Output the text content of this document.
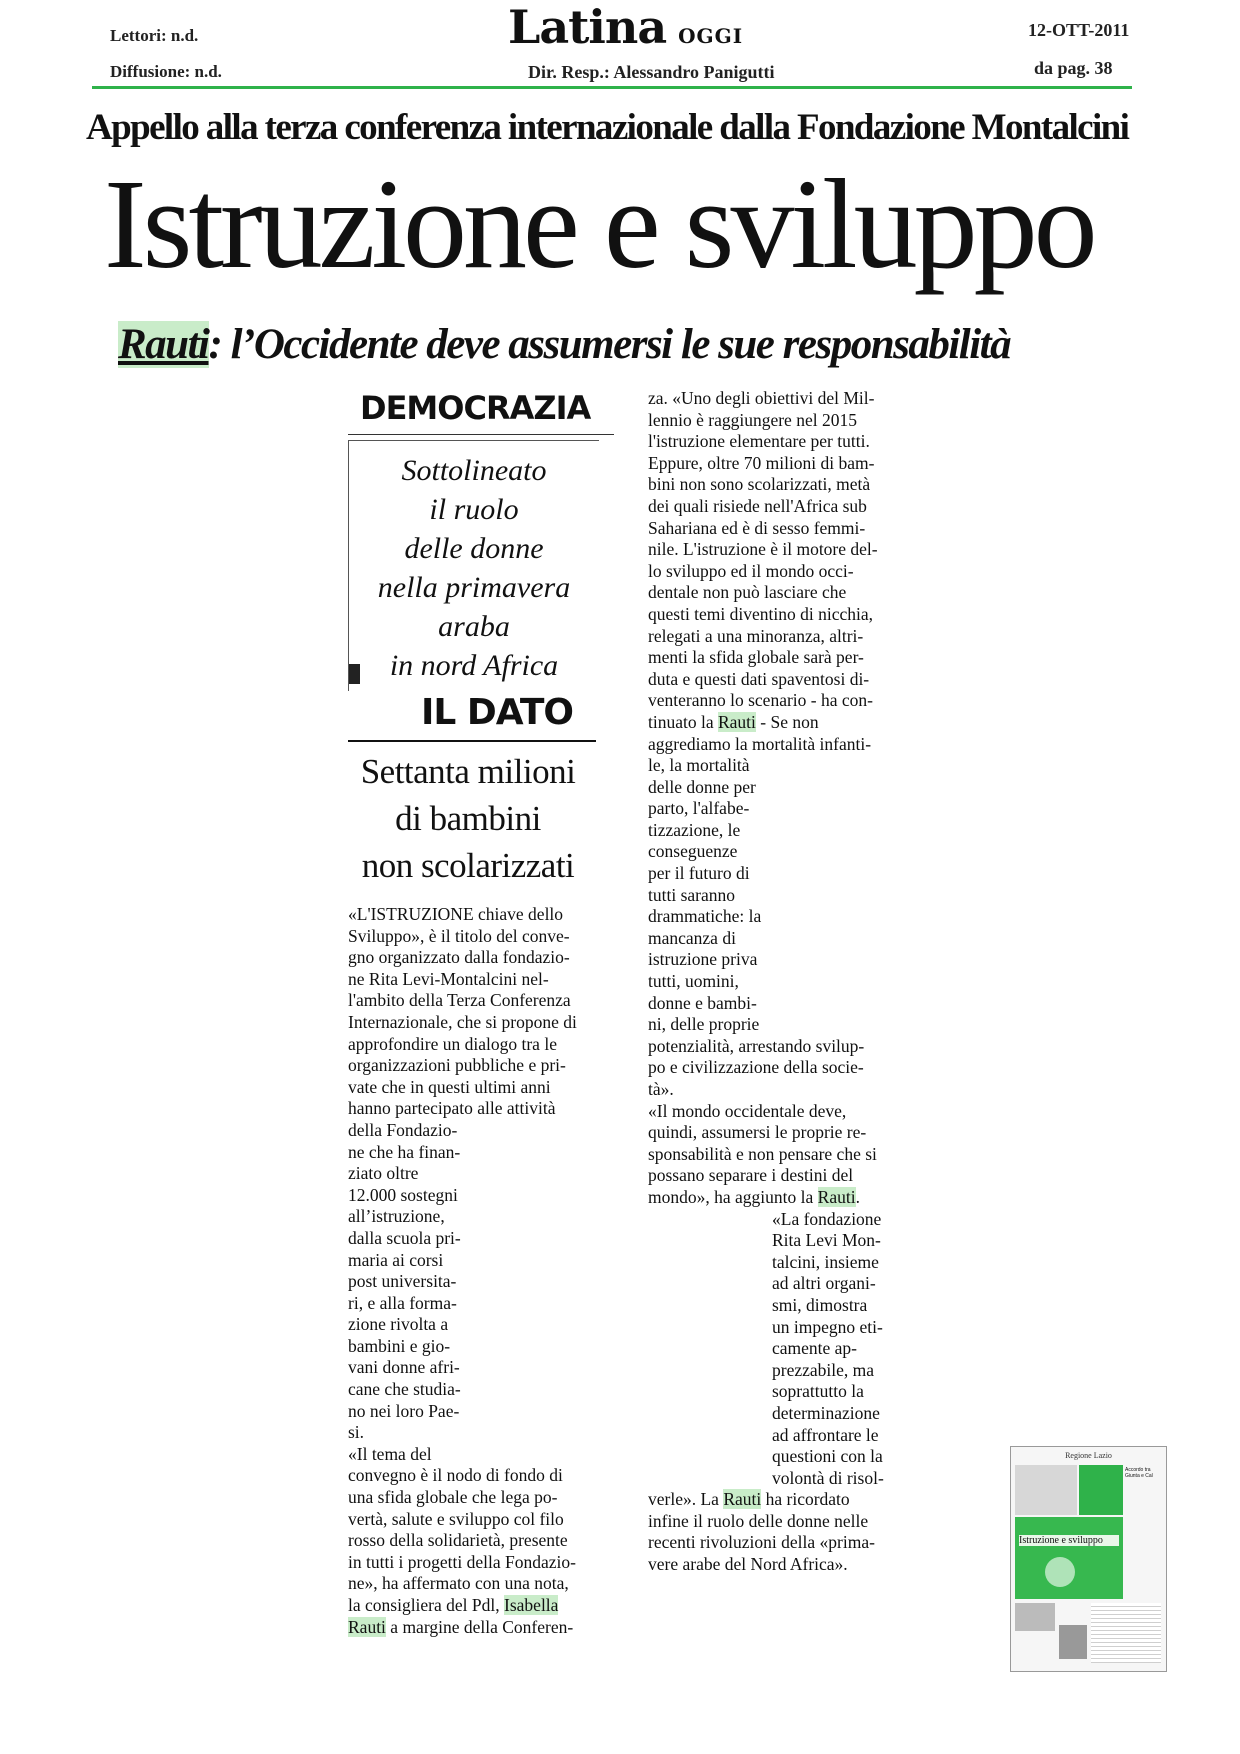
Lettori: n.d.
Diffusione: n.d.
Latina OGGI
Dir. Resp.: Alessandro Panigutti
12-OTT-2011
da pag. 38
Appello alla terza conferenza internazionale dalla Fondazione Montalcini
Istruzione e sviluppo
Rauti: l’Occidente deve assumersi le sue responsabilità
DEMOCRAZIA
Sottolineato
il ruolo
delle donne
nella primavera
araba
in nord Africa
IL DATO
Settanta milioni
di bambini
non scolarizzati
«L'ISTRUZIONE chiave dello
Sviluppo», è il titolo del conve-
gno organizzato dalla fondazio-
ne Rita Levi-Montalcini nel-
l'ambito della Terza Conferenza
Internazionale, che si propone di
approfondire un dialogo tra le
organizzazioni pubbliche e pri-
vate che in questi ultimi anni
hanno partecipato alle attività
della Fondazio-
ne che ha finan-
ziato oltre
12.000 sostegni
all’istruzione,
dalla scuola pri-
maria ai corsi
post universita-
ri, e alla forma-
zione rivolta a
bambini e gio-
vani donne afri-
cane che studia-
no nei loro Pae-
si.
«Il tema del
convegno è il nodo di fondo di
una sfida globale che lega po-
vertà, salute e sviluppo col filo
rosso della solidarietà, presente
in tutti i progetti della Fondazio-
ne», ha affermato con una nota,
la consigliera del Pdl, Isabella
Rauti a margine della Conferen-
za. «Uno degli obiettivi del Mil-
lennio è raggiungere nel 2015
l'istruzione elementare per tutti.
Eppure, oltre 70 milioni di bam-
bini non sono scolarizzati, metà
dei quali risiede nell'Africa sub
Sahariana ed è di sesso femmi-
nile. L'istruzione è il motore del-
lo sviluppo ed il mondo occi-
dentale non può lasciare che
questi temi diventino di nicchia,
relegati a una minoranza, altri-
menti la sfida globale sarà per-
duta e questi dati spaventosi di-
venteranno lo scenario - ha con-
tinuato la Rauti - Se non
aggrediamo la mortalità infanti-
le, la mortalità
delle donne per
parto, l'alfabe-
tizzazione, le
conseguenze
per il futuro di
tutti saranno
drammatiche: la
mancanza di
istruzione priva
tutti, uomini,
donne e bambi-
ni, delle proprie
potenzialità, arrestando svilup-
po e civilizzazione della socie-
tà».
«Il mondo occidentale deve,
quindi, assumersi le proprie re-
sponsabilità e non pensare che si
possano separare i destini del
mondo», ha aggiunto la Rauti.
«La fondazione
Rita Levi Mon-
talcini, insieme
ad altri organi-
smi, dimostra
un impegno eti-
camente ap-
prezzabile, ma
soprattutto la
determinazione
ad affrontare le
questioni con la
volontà di risol-
verle». La Rauti ha ricordato
infine il ruolo delle donne nelle
recenti rivoluzioni della «prima-
vere arabe del Nord Africa».
Regione Lazio
Accordo tra Giunta e Cal
Istruzione e sviluppo
